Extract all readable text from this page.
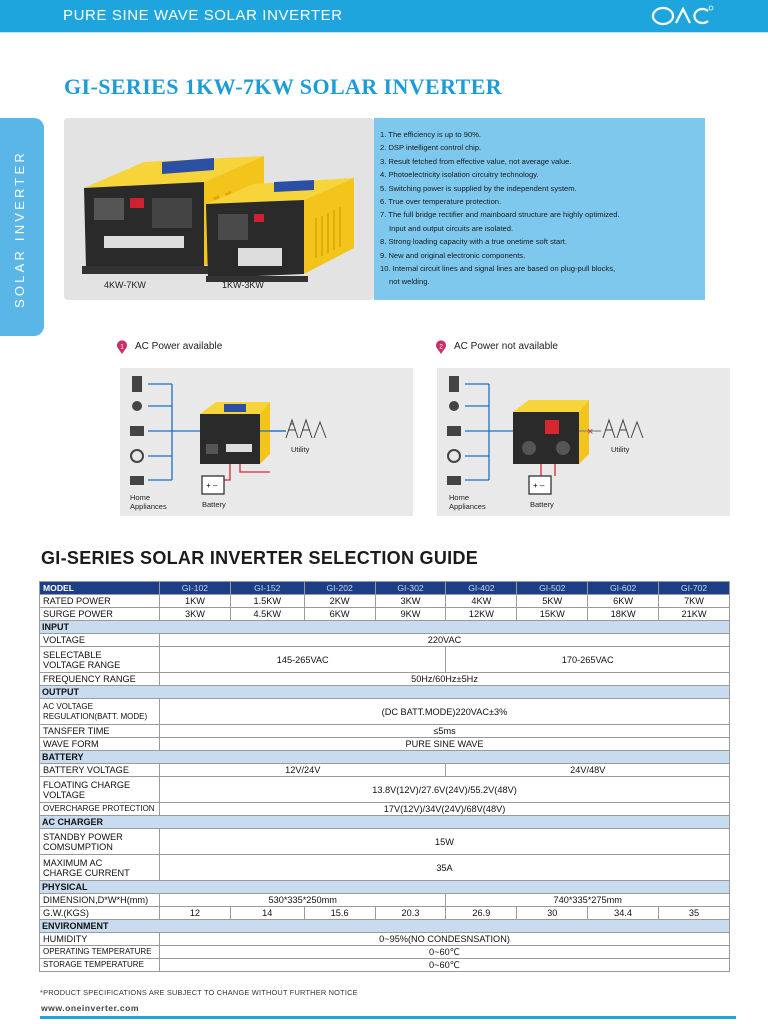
PURE SINE WAVE SOLAR INVERTER
GI-SERIES 1KW-7KW SOLAR INVERTER
SOLAR INVERTER	4KW-7KW	1KW-3KW
1. The efficiency is up to 90%.
2. DSP intelligent control chip.
3. Result fetched from effective value, not average value.
4. Photoelectricity isolation circuitry technology.
5. Switching power is supplied by the independent system.
6. True over temperature protection.
7. The full bridge rectifier and mainboard structure are highly optimized.
Input and output circuits are isolated.
8. Strong loading capacity with a true onetime soft start.
9. New and original electronic components.
10. Internal circuit lines and signal lines are based on plug-pull blocks,
not welding.
1 AC Power available	2 AC Power not available
+ ‒
Home
Appliances	Battery
Utility
×
+ ‒
Home
Appliances	Battery
Utility
GI-SERIES SOLAR INVERTER SELECTION GUIDE
MODEL	GI-102	GI-152	GI-202	GI-302	GI-402	GI-502	GI-602	GI-702
RATED POWER	1KW	1.5KW	2KW	3KW	4KW	5KW	6KW	7KW
SURGE POWER	3KW	4.5KW	6KW	9KW	12KW	15KW	18KW	21KW
INPUT								
VOLTAGE	220VAC							
SELECTABLE
VOLTAGE RANGE	145-265VAC				170-265VAC			
FREQUENCY RANGE	50Hz/60Hz±5Hz							
OUTPUT								
AC VOLTAGE
REGULATION(BATT. MODE)	(DC BATT.MODE)220VAC±3%							
TANSFER TIME	≤5ms							
WAVE FORM	PURE SINE WAVE							
BATTERY								
BATTERY VOLTAGE	12V/24V				24V/48V			
FLOATING CHARGE
VOLTAGE	13.8V(12V)/27.6V(24V)/55.2V(48V)							
OVERCHARGE PROTECTION	17V(12V)/34V(24V)/68V(48V)							
AC CHARGER								
STANDBY POWER
COMSUMPTION	15W							
MAXIMUM AC
CHARGE CURRENT	35A							
PHYSICAL								
DIMENSION,D*W*H(mm)	530*335*250mm				740*335*275mm			
G.W.(KGS)	12	14	15.6	20.3	26.9	30	34.4	35
ENVIRONMENT								
HUMIDITY	0~95%(NO CONDESNSATION)							
OPERATING TEMPERATURE	0~60℃							
STORAGE TEMPERATURE	0~60℃							
*PRODUCT SPECIFICATIONS ARE SUBJECT TO CHANGE WITHOUT FURTHER NOTICE
www.oneinverter.com
